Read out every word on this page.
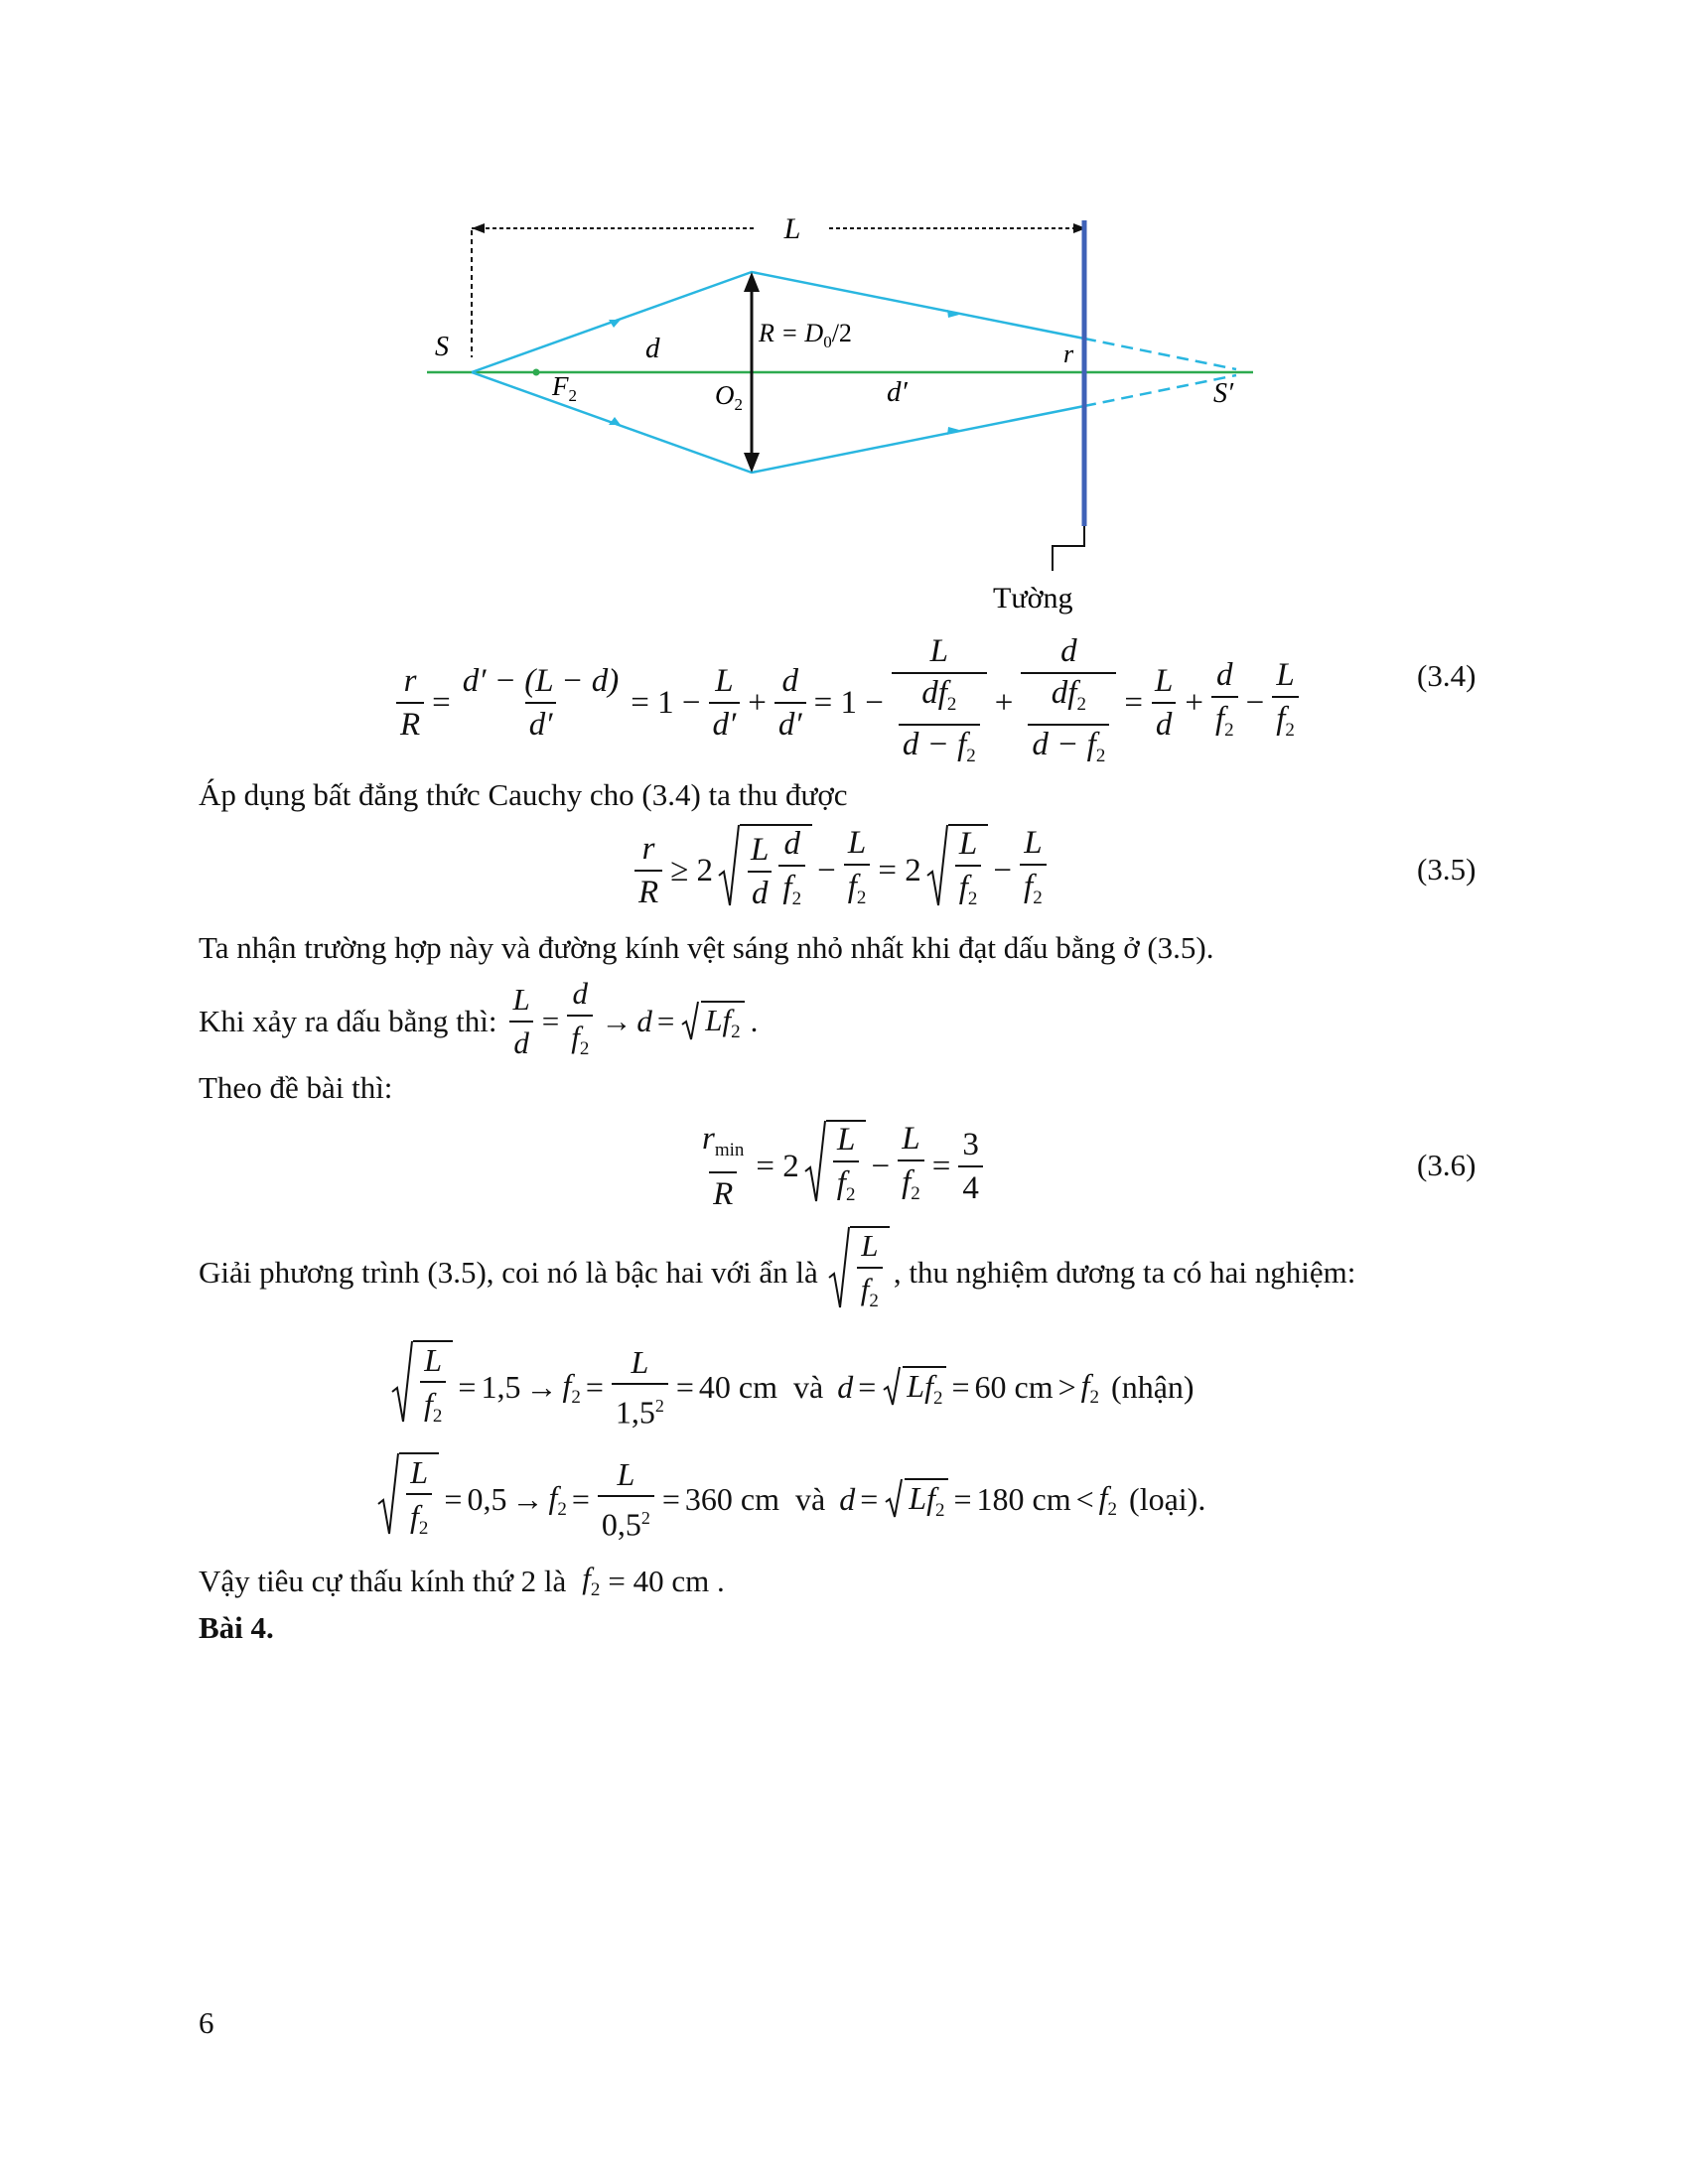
L
S	d	$R = D_0/2$
r
$F_2$	$O_2$	d′	S′
Tường
$\frac{r}{R} = \frac{d' - (L - d)}{d'} = 1 - \frac{L}{d'} + \frac{d}{d'} = 1 - \frac{L}{\frac{df_2}{d - f_2}} + \frac{d}{\frac{df_2}{d - f_2}} = \frac{L}{d} + \frac{d}{f_2} - \frac{L}{f_2}$	(3.4)
Áp dụng bất đẳng thức Cauchy cho (3.4) ta thu được
$\frac{r}{R} \ge 2 \frac{L}{d} \frac{d}{f_2} - \frac{L}{f_2} = 2 \frac{L}{f_2} - \frac{L}{f_2}$	(3.5)
Ta nhận trường hợp này và đường kính vệt sáng nhỏ nhất khi đạt dấu bằng ở (3.5).
Khi xảy ra dấu bằng thì: $\frac{L}{d} = \frac{d}{f_2} \to d = Lf_2$ .
Theo đề bài thì:
$\frac{r_{min}}{R} = 2 \frac{L}{f_2} - \frac{L}{f_2} = \frac{3}{4}$	(3.6)
Giải phương trình (3.5), coi nó là bậc hai với ẩn là $\frac{L}{f_2}$ , thu nghiệm dương ta có hai nghiệm:
$\frac{L}{f_2} = 1,5 \to f_2 = \frac{L}{1,5^2} = 40$ cm và $d = Lf_2 = 60$ cm > $f_2$ (nhận)
$\frac{L}{f_2} = 0,5 \to f_2 = \frac{L}{0,5^2} = 360$ cm và $d = Lf_2 = 180$ cm < $f_2$ (loại).
Vậy tiêu cự thấu kính thứ 2 là $f_2 = 40$ cm .
Bài 4.
6
